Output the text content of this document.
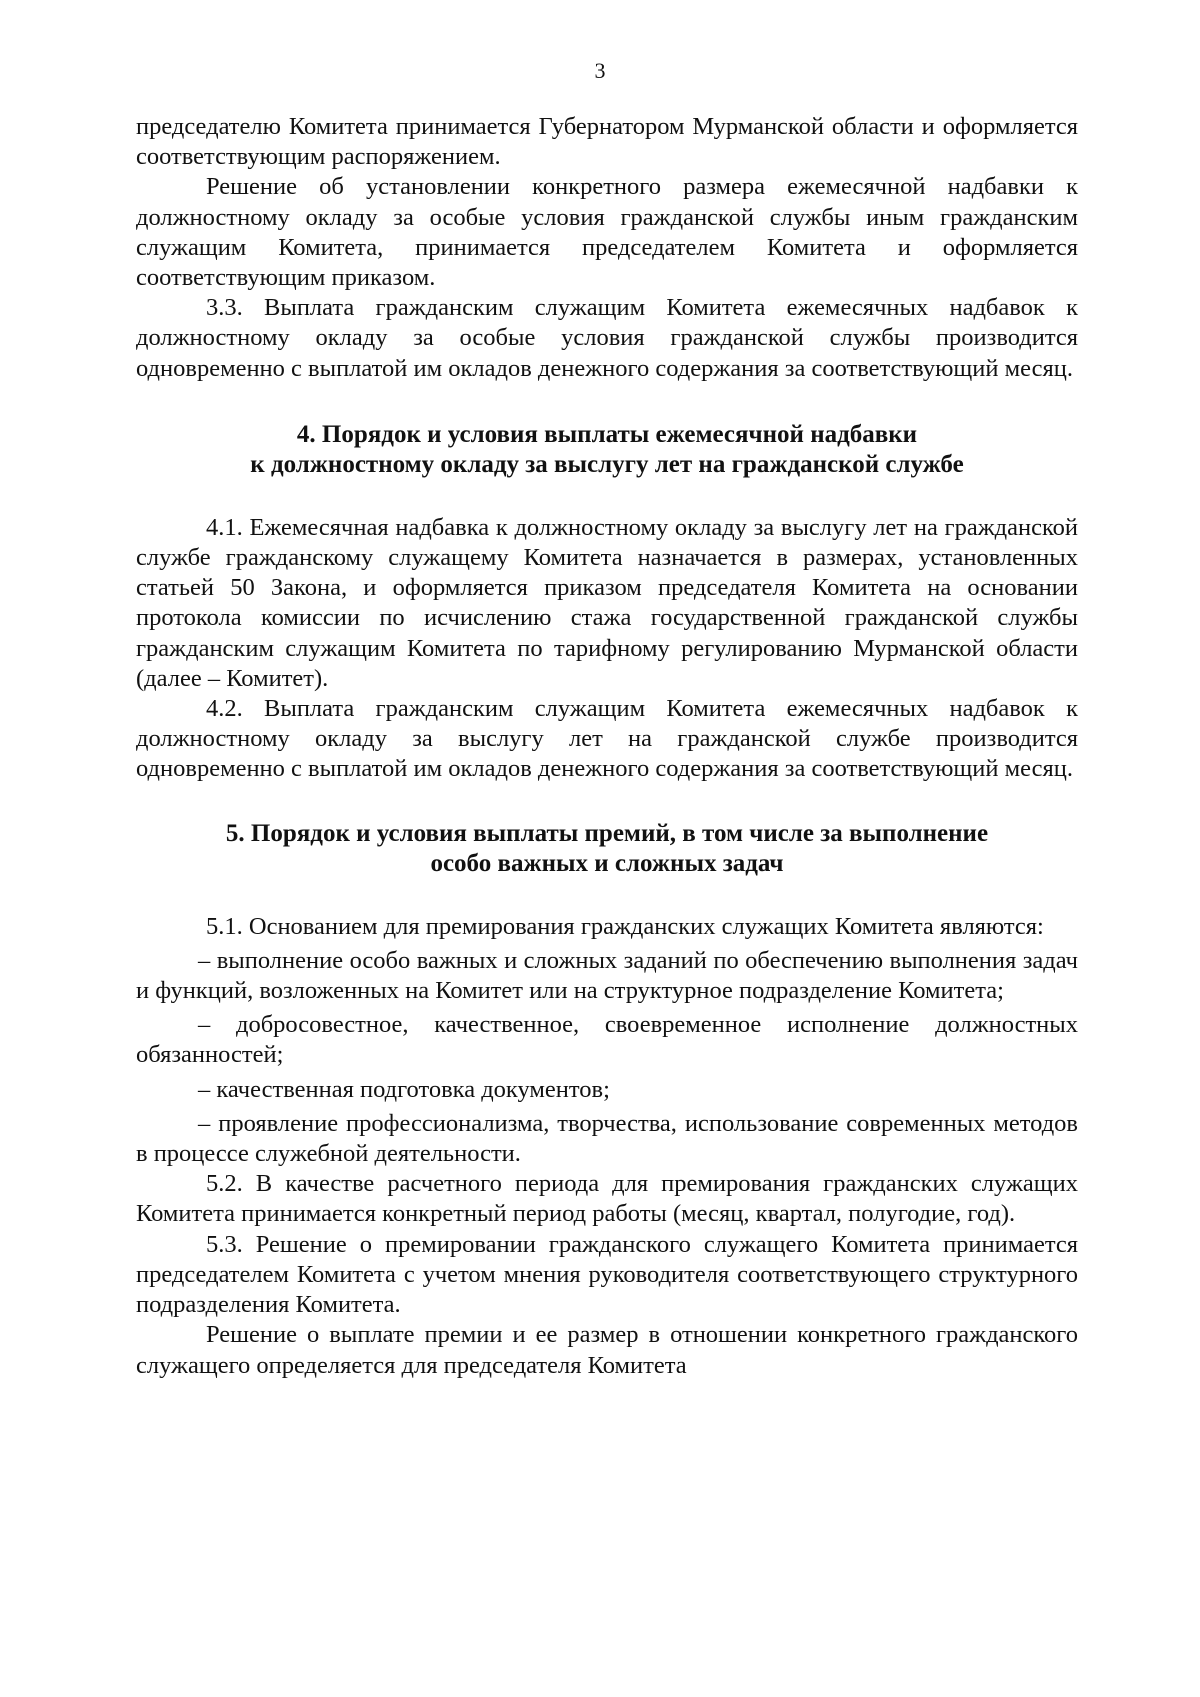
3

председателю Комитета принимается Губернатором Мурманской области и оформляется соответствующим распоряжением.

Решение об установлении конкретного размера ежемесячной надбавки к должностному окладу за особые условия гражданской службы иным гражданским служащим Комитета, принимается председателем Комитета и оформляется соответствующим приказом.

3.3. Выплата гражданским служащим Комитета ежемесячных надбавок к должностному окладу за особые условия гражданской службы производится одновременно с выплатой им окладов денежного содержания за соответствующий месяц.

4. Порядок и условия выплаты ежемесячной надбавки
к должностному окладу за выслугу лет на гражданской службе

4.1. Ежемесячная надбавка к должностному окладу за выслугу лет на гражданской службе гражданскому служащему Комитета назначается в размерах, установленных статьей 50 Закона, и оформляется приказом председателя Комитета на основании протокола комиссии по исчислению стажа государственной гражданской службы гражданским служащим Комитета по тарифному регулированию Мурманской области (далее – Комитет).

4.2. Выплата гражданским служащим Комитета ежемесячных надбавок к должностному окладу за выслугу лет на гражданской службе производится одновременно с выплатой им окладов денежного содержания за соответствующий месяц.

5. Порядок и условия выплаты премий, в том числе за выполнение
особо важных и сложных задач

5.1. Основанием для премирования гражданских служащих Комитета являются:

– выполнение особо важных и сложных заданий по обеспечению выполнения задач и функций, возложенных на Комитет или на структурное подразделение Комитета;

– добросовестное, качественное, своевременное исполнение должностных обязанностей;

– качественная подготовка документов;

– проявление профессионализма, творчества, использование современных методов в процессе служебной деятельности.

5.2. В качестве расчетного периода для премирования гражданских служащих Комитета принимается конкретный период работы (месяц, квартал, полугодие, год).

5.3. Решение о премировании гражданского служащего Комитета принимается председателем Комитета с учетом мнения руководителя соответствующего структурного подразделения Комитета.

Решение о выплате премии и ее размер в отношении конкретного гражданского служащего определяется для председателя Комитета
